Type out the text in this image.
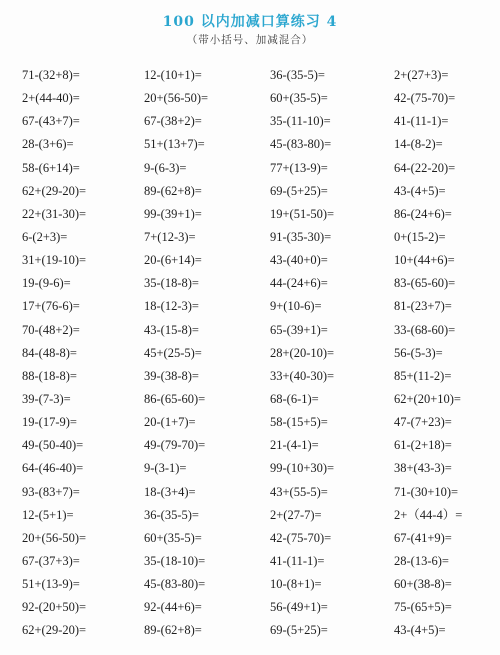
100 以内加减口算练习 4
（带小括号、加减混合）
71-(32+8)=	12-(10+1)=	36-(35-5)=	2+(27+3)=
2+(44-40)=	20+(56-50)=	60+(35-5)=	42-(75-70)=
67-(43+7)=	67-(38+2)=	35-(11-10)=	41-(11-1)=
28-(3+6)=	51+(13+7)=	45-(83-80)=	14-(8-2)=
58-(6+14)=	9-(6-3)=	77+(13-9)=	64-(22-20)=
62+(29-20)=	89-(62+8)=	69-(5+25)=	43-(4+5)=
22+(31-30)=	99-(39+1)=	19+(51-50)=	86-(24+6)=
6-(2+3)=	7+(12-3)=	91-(35-30)=	0+(15-2)=
31+(19-10)=	20-(6+14)=	43-(40+0)=	10+(44+6)=
19-(9-6)=	35-(18-8)=	44-(24+6)=	83-(65-60)=
17+(76-6)=	18-(12-3)=	9+(10-6)=	81-(23+7)=
70-(48+2)=	43-(15-8)=	65-(39+1)=	33-(68-60)=
84-(48-8)=	45+(25-5)=	28+(20-10)=	56-(5-3)=
88-(18-8)=	39-(38-8)=	33+(40-30)=	85+(11-2)=
39-(7-3)=	86-(65-60)=	68-(6-1)=	62+(20+10)=
19-(17-9)=	20-(1+7)=	58-(15+5)=	47-(7+23)=
49-(50-40)=	49-(79-70)=	21-(4-1)=	61-(2+18)=
64-(46-40)=	9-(3-1)=	99-(10+30)=	38+(43-3)=
93-(83+7)=	18-(3+4)=	43+(55-5)=	71-(30+10)=
12-(5+1)=	36-(35-5)=	2+(27-7)=	2+（44-4）=
20+(56-50)=	60+(35-5)=	42-(75-70)=	67-(41+9)=
67-(37+3)=	35-(18-10)=	41-(11-1)=	28-(13-6)=
51+(13-9)=	45-(83-80)=	10-(8+1)=	60+(38-8)=
92-(20+50)=	92-(44+6)=	56-(49+1)=	75-(65+5)=
62+(29-20)=	89-(62+8)=	69-(5+25)=	43-(4+5)=
